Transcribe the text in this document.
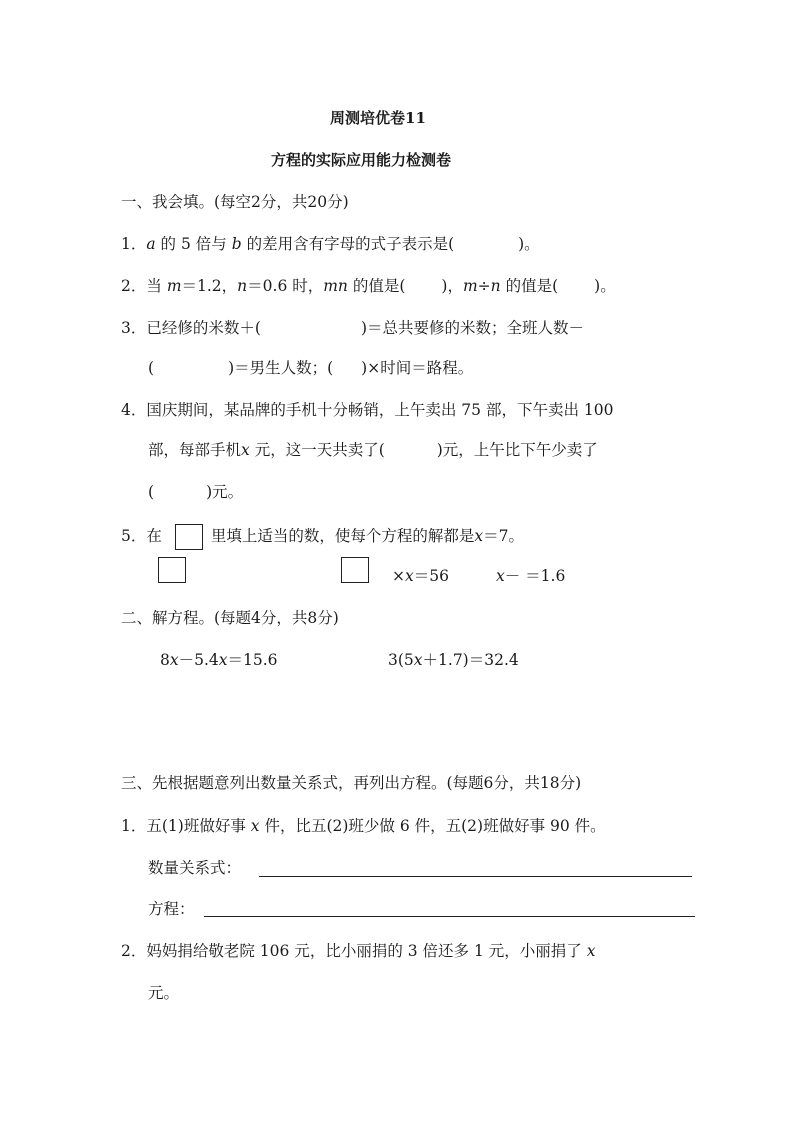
周测培优卷11
方程的实际应用能力检测卷
一、我会填。(每空2分，共20分)
1．a 的 5 倍与 b 的差用含有字母的式子表示是(	)。
2．当 m＝1.2，n＝0.6 时，mn 的值是( )，m÷n 的值是( )。
3．已经修的米数＋(	)＝总共要修的米数；全班人数－
(	)＝男生人数；( )×时间＝路程。
4．国庆期间，某品牌的手机十分畅销，上午卖出 75 部，下午卖出 100
部，每部手机x 元，这一天共卖了(	)元，上午比下午少卖了
(	)元。
5．在	里填上适当的数，使每个方程的解都是x＝7。
×x＝56	x－ ＝1.6
二、解方程。(每题4分，共8分)
8x－5.4x＝15.6	3(5x＋1.7)＝32.4
三、先根据题意列出数量关系式，再列出方程。(每题6分，共18分)
1．五(1)班做好事 x 件，比五(2)班少做 6 件，五(2)班做好事 90 件。
数量关系式：
方程：
2．妈妈捐给敬老院 106 元，比小丽捐的 3 倍还多 1 元，小丽捐了 x
元。
